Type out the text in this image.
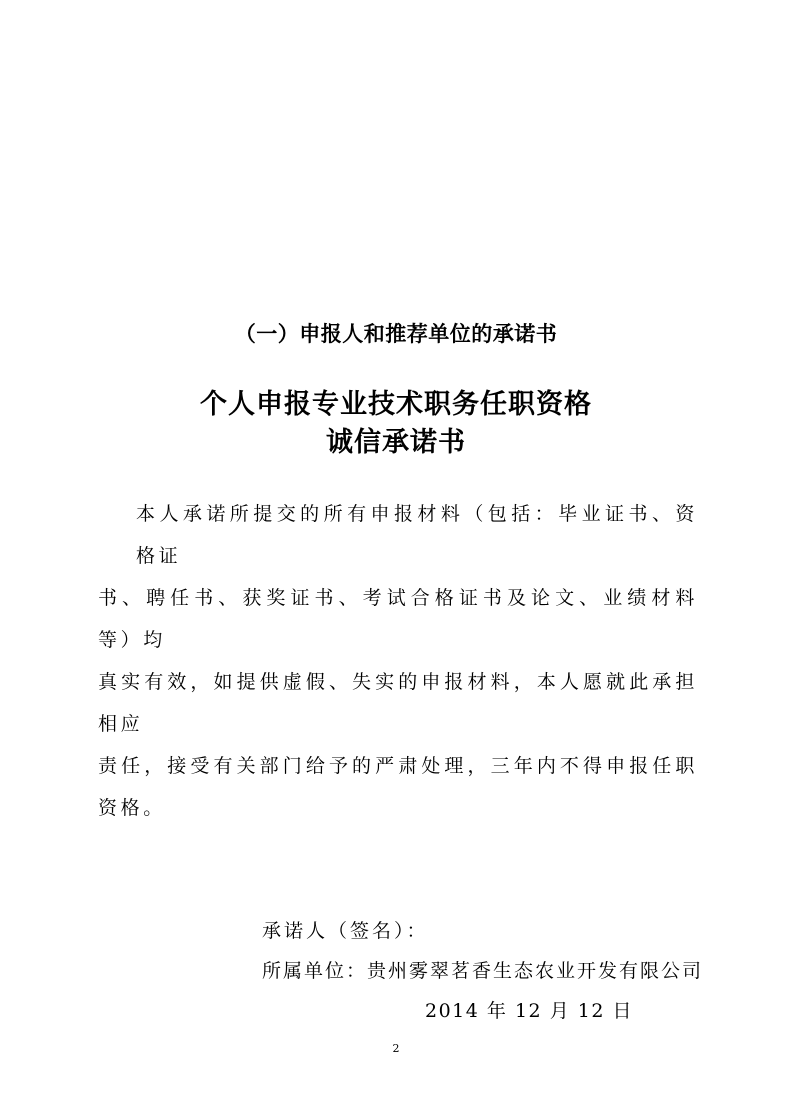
（一）申报人和推荐单位的承诺书
个人申报专业技术职务任职资格
诚信承诺书
本人承诺所提交的所有申报材料（包括：毕业证书、资格证
书、聘任书、获奖证书、考试合格证书及论文、业绩材料等）均
真实有效，如提供虚假、失实的申报材料，本人愿就此承担相应
责任，接受有关部门给予的严肃处理，三年内不得申报任职资格。
承诺人（签名）：
所属单位：贵州雾翠茗香生态农业开发有限公司
2014 年 12 月 12 日
2
